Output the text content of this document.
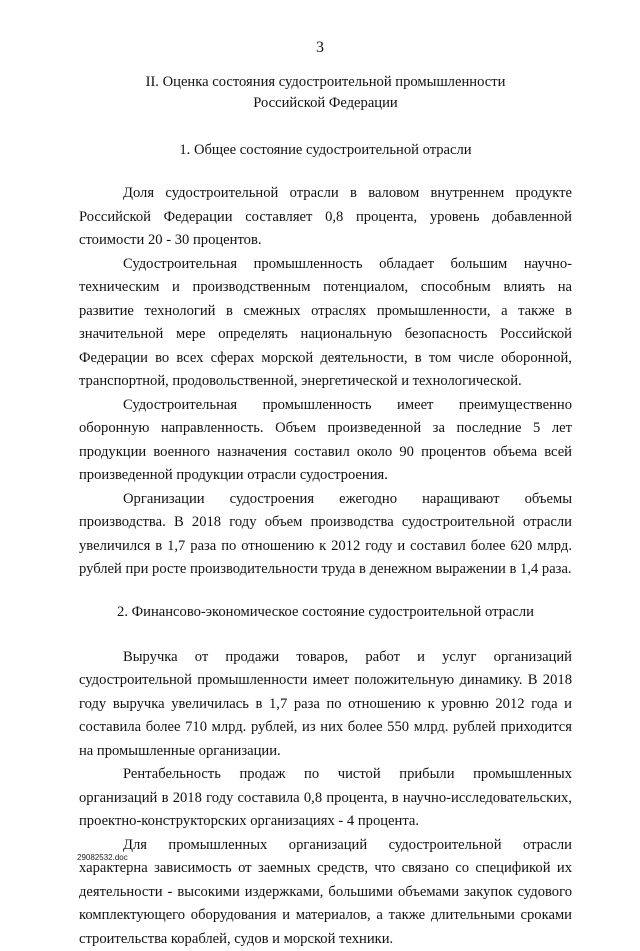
3
II. Оценка состояния судостроительной промышленности
Российской Федерации
1. Общее состояние судостроительной отрасли

Доля судостроительной отрасли в валовом внутреннем продукте Российской Федерации составляет 0,8 процента, уровень добавленной стоимости 20 - 30 процентов.

Судостроительная промышленность обладает большим научно-техническим и производственным потенциалом, способным влиять на развитие технологий в смежных отраслях промышленности, а также в значительной мере определять национальную безопасность Российской Федерации во всех сферах морской деятельности, в том числе оборонной, транспортной, продовольственной, энергетической и технологической.

Судостроительная промышленность имеет преимущественно оборонную направленность. Объем произведенной за последние 5 лет продукции военного назначения составил около 90 процентов объема всей произведенной продукции отрасли судостроения.

Организации судостроения ежегодно наращивают объемы производства. В 2018 году объем производства судостроительной отрасли увеличился в 1,7 раза по отношению к 2012 году и составил более 620 млрд. рублей при росте производительности труда в денежном выражении в 1,4 раза.

2. Финансово-экономическое состояние судостроительной отрасли

Выручка от продажи товаров, работ и услуг организаций судостроительной промышленности имеет положительную динамику. В 2018 году выручка увеличилась в 1,7 раза по отношению к уровню 2012 года и составила более 710 млрд. рублей, из них более 550 млрд. рублей приходится на промышленные организации.

Рентабельность продаж по чистой прибыли промышленных организаций в 2018 году составила 0,8 процента, в научно-исследовательских, проектно-конструкторских организациях - 4 процента.

Для промышленных организаций судостроительной отрасли характерна зависимость от заемных средств, что связано со спецификой их деятельности - высокими издержками, большими объемами закупок судового комплектующего оборудования и материалов, а также длительными сроками строительства кораблей, судов и морской техники.

29082532.doc
